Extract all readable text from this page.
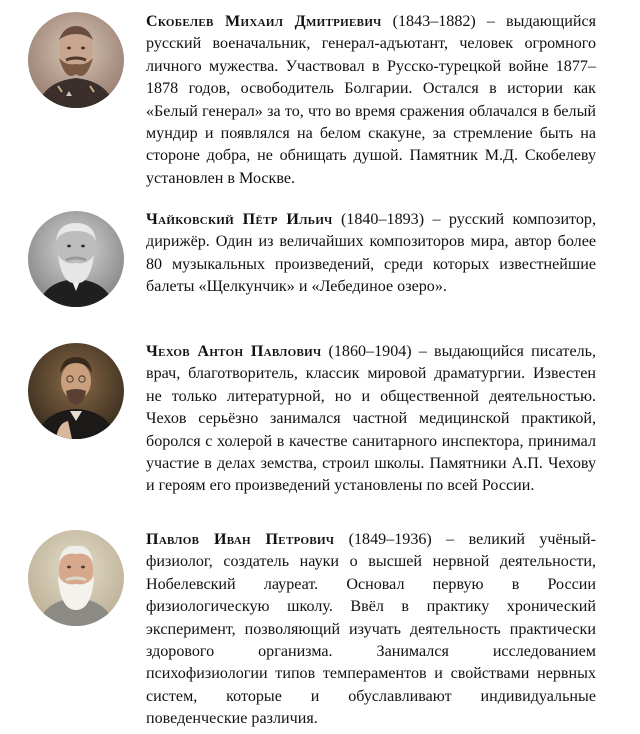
Скобелев Михаил Дмитриевич (1843–1882) – выдающийся русский военачальник, генерал-адъютант, человек огромного личного мужества. Участвовал в Русско-турецкой войне 1877–1878 годов, освободитель Болгарии. Остался в истории как «Белый генерал» за то, что во время сражения облачался в белый мундир и появлялся на белом скакуне, за стремление быть на стороне добра, не обнищать душой. Памятник М.Д. Скобелеву установлен в Москве.

Чайковский Пётр Ильич (1840–1893) – русский композитор, дирижёр. Один из величайших композиторов мира, автор более 80 музыкальных произведений, среди которых известнейшие балеты «Щелкунчик» и «Лебединое озеро».

Чехов Антон Павлович (1860–1904) – выдающийся писатель, врач, благотворитель, классик мировой драматургии. Известен не только литературной, но и общественной деятельностью. Чехов серьёзно занимался частной медицинской практикой, боролся с холерой в качестве санитарного инспектора, принимал участие в делах земства, строил школы. Памятники А.П. Чехову и героям его произведений установлены по всей России.

Павлов Иван Петрович (1849–1936) – великий учёный-физиолог, создатель науки о высшей нервной деятельности, Нобелевский лауреат. Основал первую в России физиологическую школу. Ввёл в практику хронический эксперимент, позволяющий изучать деятельность практически здорового организма. Занимался исследованием психофизиологии типов темпераментов и свойствами нервных систем, которые и обуславливают индивидуальные поведенческие различия.
